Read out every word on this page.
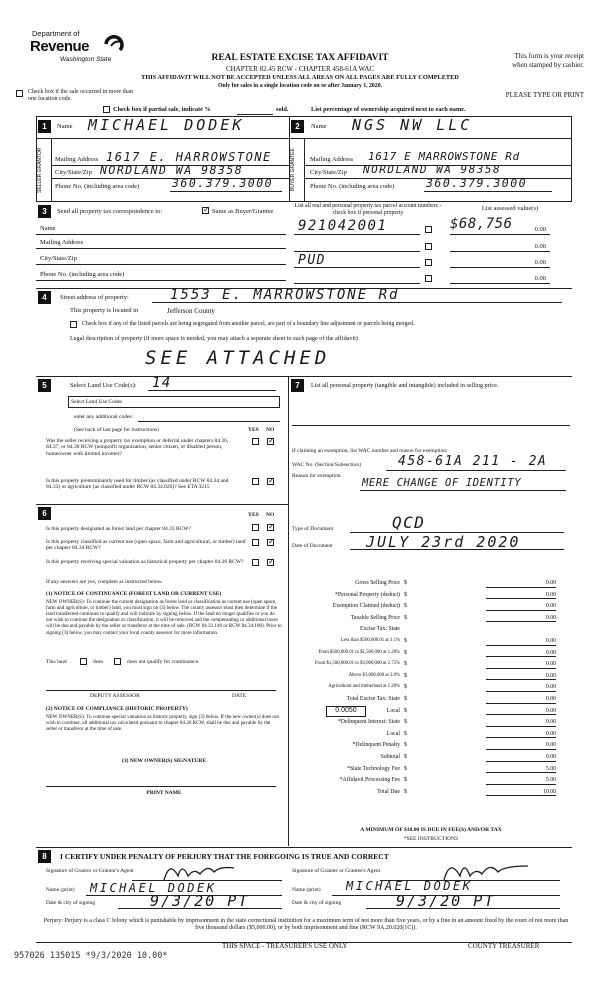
Department of
Revenue
Washington State	REAL ESTATE EXCISE TAX AFFIDAVIT
CHAPTER 82.45 RCW - CHAPTER 458-61A WAC
THIS AFFIDAVIT WILL NOT BE ACCEPTED UNLESS ALL AREAS ON ALL PAGES ARE FULLY COMPLETED
Only for sales in a single location code on or after January 1, 2020.
This form is your receipt
when stamped by cashier.
PLEASE TYPE OR PRINT
Check box if the sale occurred in more than one location code.
Check box if partial sale, indicate %	sold.	List percentage of ownership acquired next to each name.
1	Name MICHAEL DODEK
SELLER GRANTOR	Mailing Address 1617 E. HARROWSTONE
City/State/Zip NORDLAND WA 98358
Phone No. (including area code)	360.379.3000
2	Name NGS NW LLC
BUYER GRANTEE	Mailing Address 1617 E MARROWSTONE Rd
City/State/Zip NORDLAND WA 98358
Phone No. (including area code)	360.379.3000
3	Send all property tax correspondence to:
✓	Same as Buyer/Grantee
List all real and personal property tax parcel account numbers - check box if personal property
List assessed value(s)
Name
Mailing Address
City/State/Zip
Phone No. (including area code)
921042001	$68,756	0.00
PUD
0.00
0.00
0.00
4	Street address of property:	1553 E. MARROWSTONE Rd
This property is located in	Jefferson County
Check box if any of the listed parcels are being segregated from another parcel, are part of a boundary line adjustment or parcels being merged.
Legal description of property (if more space is needed, you may attach a separate sheet to each page of the affidavit)
SEE ATTACHED
5	Select Land Use Code(s): 14
Select Land Use Codes
enter any additional codes:
(See back of last page for instructions)	YES NO
Was the seller receiving a property tax exemption or deferral under chapters 84.36, 84.37, or 84.38 RCW (nonprofit organization, senior citizen, or disabled person, homeowner with limited income)?
✓
Is this property predominantly used for timber (as classified under RCW 84.34 and 84.33) or agriculture (as classified under RCW 84.34.020)? See ETA 3215
✓
6	YES NO
Is this property designated as forest land per chapter 84.33 RCW?
✓
Is this property classified as current use (open space, farm and agricultural, or timber) land per chapter 84.34 RCW?
✓
Is this property receiving special valuation as historical property per chapter 84.26 RCW?
✓
If any answers are yes, complete as instructed below.
(1) NOTICE OF CONTINUANCE (FOREST LAND OR CURRENT USE)
NEW OWNER(S): To continue the current designation as forest land or classification as current use (open space, farm and agriculture, or timber) land, you must sign on (3) below. The county assessor must then determine if the land transferred continues to qualify and will indicate by signing below. If the land no longer qualifies or you do not wish to continue the designation or classification, it will be removed and the compensating or additional taxes will be due and payable by the seller or transferor at the time of sale. (RCW 84.33.140 or RCW 84.34.108). Prior to signing (3) below, you may contact your local county assessor for more information.
This land	does	does not qualify for continuance.
DEPUTY ASSESSOR	DATE
(2) NOTICE OF COMPLIANCE (HISTORIC PROPERTY)
NEW OWNER(S): To continue special valuation as historic property, sign (3) below. If the new owner(s) does not wish to continue, all additional tax calculated pursuant to chapter 84.26 RCW, shall be due and payable by the seller or transferor at the time of sale.
(3) NEW OWNER(S) SIGNATURE
PRINT NAME
7	List all personal property (tangible and intangible) included in selling price.
If claiming an exemption, list WAC number and reason for exemption:
WAC No. (Section/Subsection)	458-61A 211 - 2A
Reason for exemption
MERE CHANGE OF IDENTITY
Type of Document	QCD
Date of Document JULY 23rd 2020
Gross Selling Price $	0.00
*Personal Property (deduct) $	0.00
Exemption Claimed (deduct) $	0.00
Taxable Selling Price $	0.00
Excise Tax: State
Less than $500,000.01 at 1.1% $	0.00
From $500,000.01 to $1,500,000 at 1.28% $	0.00
From $1,500,000.01 to $3,000,000 at 2.75% $	0.00
Above $3,000,000 at 3.0% $	0.00
Agricultural and timberland at 1.28% $	0.00
Total Excise Tax: State $	0.00
Local $	0.00
*Delinquent Interest: State $	0.00
Local $	0.00
*Delinquent Penalty $	0.00
Subtotal $	0.00
*State Technology Fee $	5.00
*Affidavit Processing Fee $	5.00
Total Due $	10.00
0.0050
A MINIMUM OF $10.00 IS DUE IN FEE(S) AND/OR TAX
*SEE INSTRUCTIONS
8	I CERTIFY UNDER PENALTY OF PERJURY THAT THE FOREGOING IS TRUE AND CORRECT
Signature of Grantor or Grantor's Agent
Name (print) MICHAEL DODEK
Date & city of signing	9/3/20 PT
Signature of Grantee or Grantee's Agent
Name (print) MICHAEL DODEK
Date & city of signing	9/3/20 PT
Perjury: Perjury is a class C felony which is punishable by imprisonment in the state correctional institution for a maximum term of not more than five years, or by a fine in an amount fixed by the court of not more than five thousand dollars ($5,000.00), or by both imprisonment and fine (RCW 9A.20.020(1C)).
THIS SPACE - TREASURER'S USE ONLY	COUNTY TREASURER
957026 135015 *9/3/2020 10.00*
